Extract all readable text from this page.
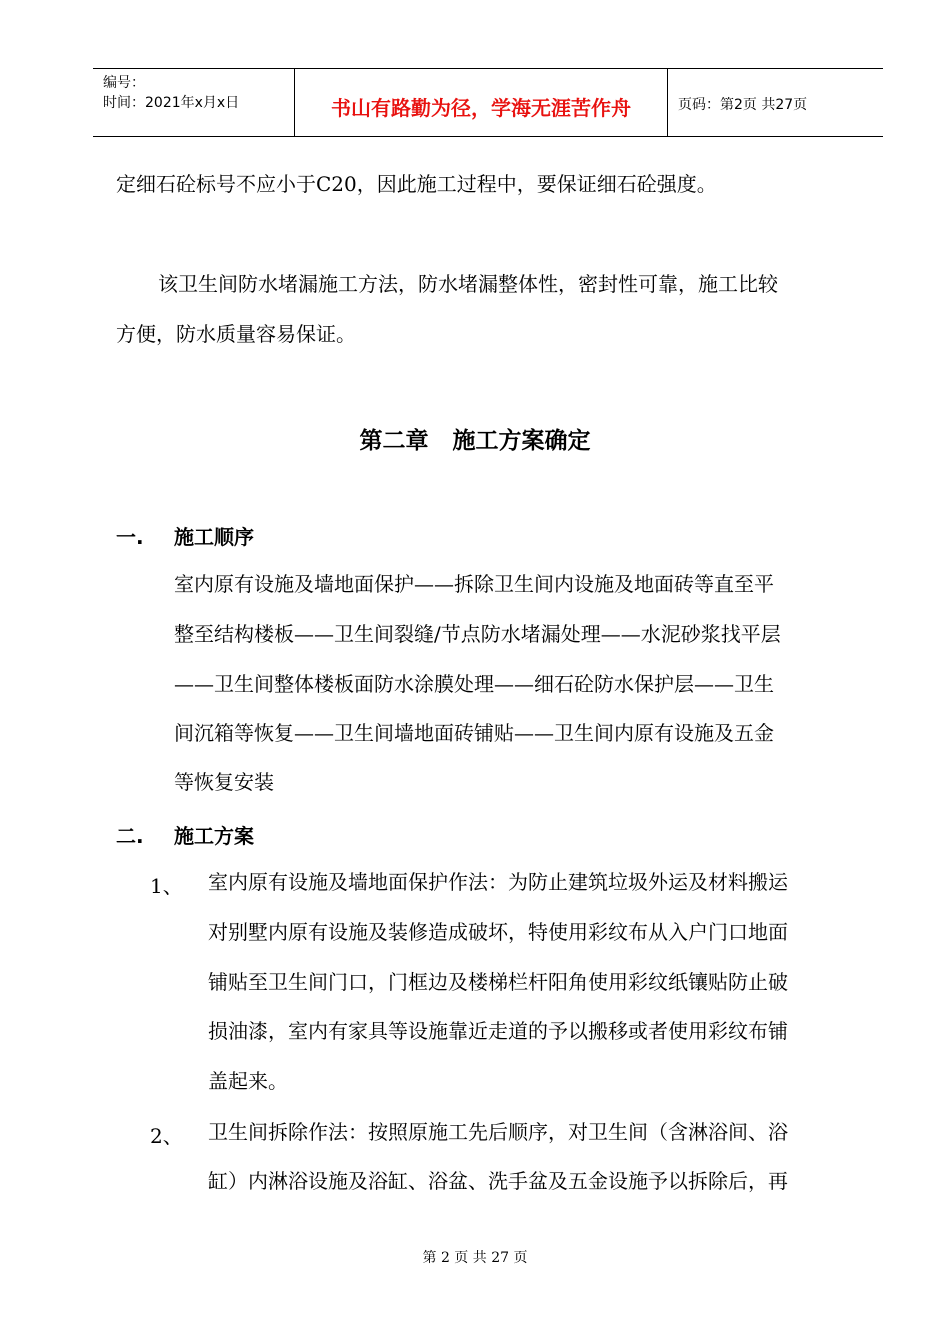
编号：
时间：2021年x月x日	书山有路勤为径，学海无涯苦作舟	页码：第2页 共27页
定细石砼标号不应小于C20，因此施工过程中，要保证细石砼强度。
该卫生间防水堵漏施工方法，防水堵漏整体性，密封性可靠，施工比较
方便，防水质量容易保证。
第二章   施工方案确定
一. 施工顺序
室内原有设施及墙地面保护——拆除卫生间内设施及地面砖等直至平
整至结构楼板——卫生间裂缝/节点防水堵漏处理——水泥砂浆找平层
——卫生间整体楼板面防水涂膜处理——细石砼防水保护层——卫生
间沉箱等恢复——卫生间墙地面砖铺贴——卫生间内原有设施及五金
等恢复安装
二. 施工方案
1、 室内原有设施及墙地面保护作法：为防止建筑垃圾外运及材料搬运
对别墅内原有设施及装修造成破坏，特使用彩纹布从入户门口地面
铺贴至卫生间门口，门框边及楼梯栏杆阳角使用彩纹纸镶贴防止破
损油漆，室内有家具等设施靠近走道的予以搬移或者使用彩纹布铺
盖起来。
2、 卫生间拆除作法：按照原施工先后顺序，对卫生间（含淋浴间、浴
缸）内淋浴设施及浴缸、浴盆、洗手盆及五金设施予以拆除后，再
第 2 页 共 27 页
